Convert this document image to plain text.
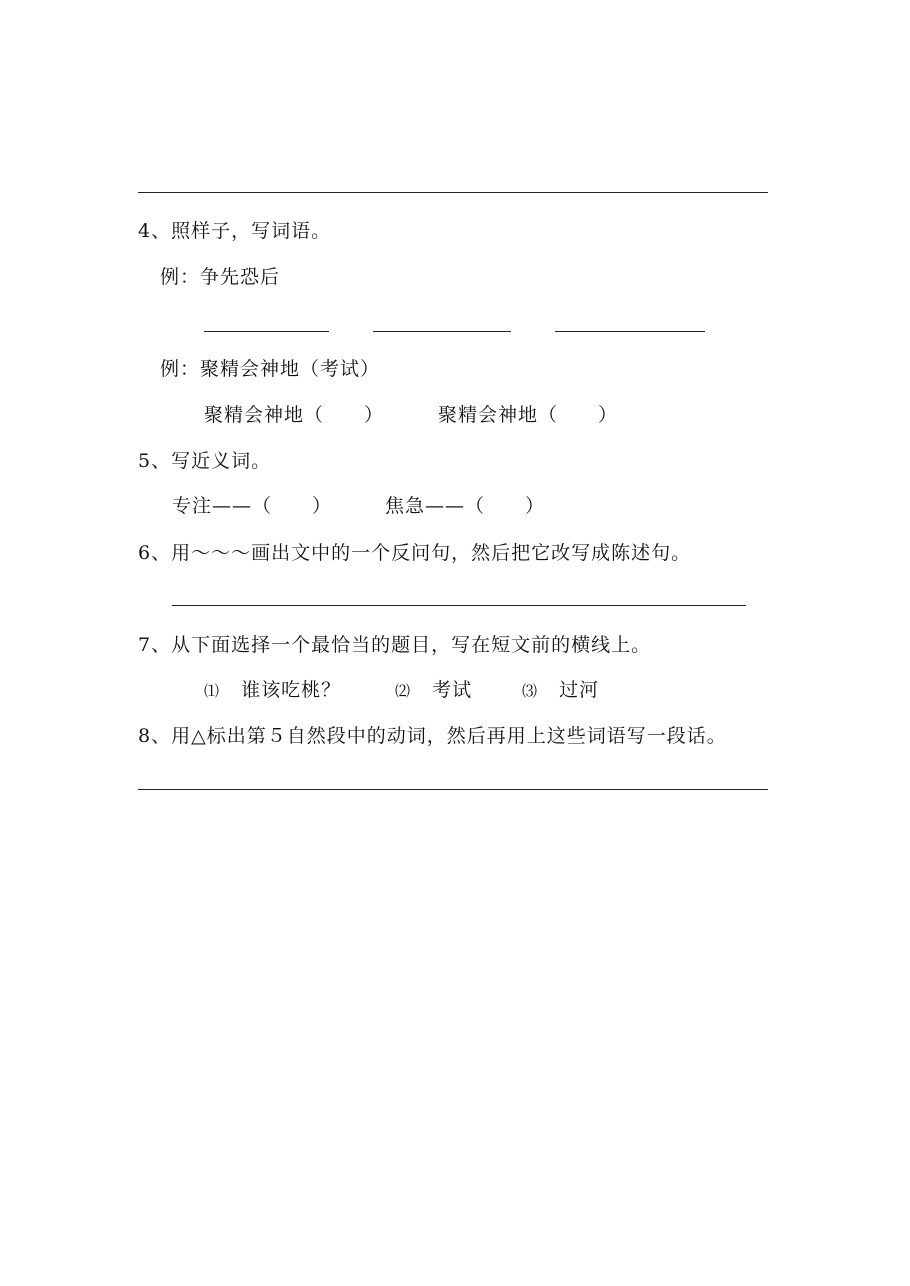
4、照样子，写词语。
例：争先恐后
例：聚精会神地（考试）
聚精会神地（　　）	聚精会神地（　　）
5、写近义词。
专注——（　　）	焦急——（　　）
6、用～～～画出文中的一个反问句，然后把它改写成陈述句。
7、从下面选择一个最恰当的题目，写在短文前的横线上。
⑴ 谁该吃桃？	⑵ 考试	⑶ 过河
8、用△标出第５自然段中的动词，然后再用上这些词语写一段话。
